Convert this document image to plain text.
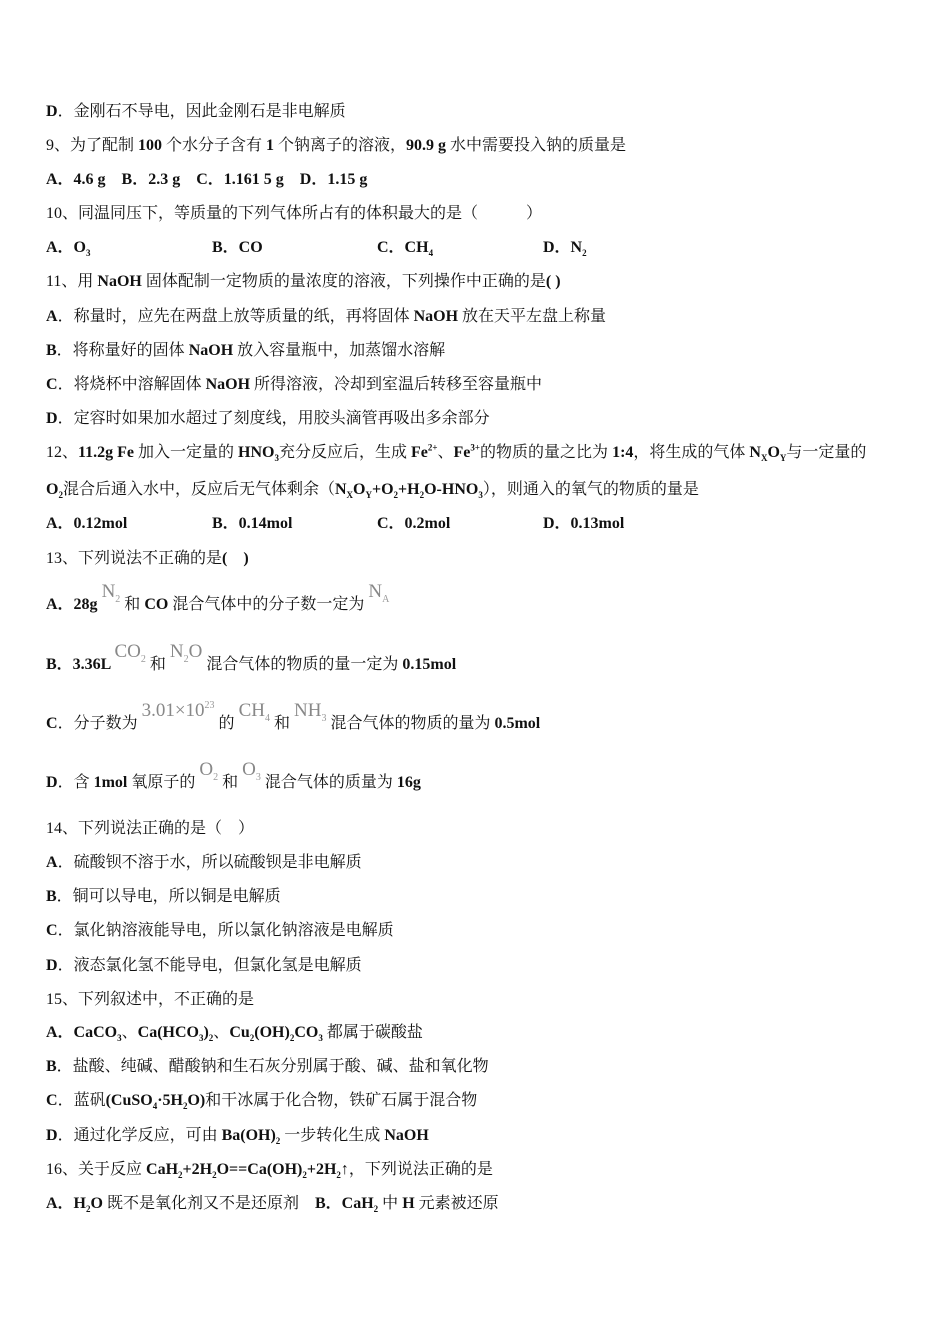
D．金刚石不导电，因此金刚石是非电解质
9、为了配制 100 个水分子含有 1 个钠离子的溶液，90.9 g 水中需要投入钠的质量是
A．4.6 g　B．2.3 g　C．1.161 5 g　D．1.15 g
10、同温同压下，等质量的下列气体所占有的体积最大的是（　　　）
A．$O_3$	B．CO	C．$CH_4$	D．$N_2$
11、用 NaOH 固体配制一定物质的量浓度的溶液，下列操作中正确的是( )
A．称量时，应先在两盘上放等质量的纸，再将固体 NaOH 放在天平左盘上称量
B．将称量好的固体 NaOH 放入容量瓶中，加蒸馏水溶解
C．将烧杯中溶解固体 NaOH 所得溶液，冷却到室温后转移至容量瓶中
D．定容时如果加水超过了刻度线，用胶头滴管再吸出多余部分
12、11.2g Fe 加入一定量的 $HNO_3$充分反应后，生成 $Fe^{2+}$、$Fe^{3+}$的物质的量之比为 1:4，将生成的气体 $N_XO_Y$与一定量的
$O_2$混合后通入水中，反应后无气体剩余$(N_XO_Y+O_2+H_2O-HNO_3)$，则通入的氧气的物质的量是
A．0.12mol	B．0.14mol	C．0.2mol	D．0.13mol
13、下列说法不正确的是(　)
A．28g $N^2$ 和 CO 混合气体中的分子数一定为 $N^A$
B．3.36L $CO^2$ 和 $N^2O$ 混合气体的物质的量一定为 0.15mol
C．分子数为 $3.01\times 10^{23}$ 的 $CH^4$ 和 $NH^3$ 混合气体的物质的量为 0.5mol
D．含 1mol 氧原子的 $O^2$ 和 $O^3$ 混合气体的质量为 16g
14、下列说法正确的是（　）
A．硫酸钡不溶于水，所以硫酸钡是非电解质
B．铜可以导电，所以铜是电解质
C．氯化钠溶液能导电，所以氯化钠溶液是电解质
D．液态氯化氢不能导电，但氯化氢是电解质
15、下列叙述中，不正确的是
A．CaCO$_3$、$Ca(HCO_3)_2$、$Cu_2(OH)_2CO_3$ 都属于碳酸盐
B．盐酸、纯碱、醋酸钠和生石灰分别属于酸、碱、盐和氧化物
C．蓝矾$(CuSO_4\cdot 5H_2O)$和干冰属于化合物，铁矿石属于混合物
D．通过化学反应，可由 $Ba(OH)_2$ 一步转化生成 NaOH
16、关于反应 $CaH_2+2H_2O==Ca(OH)_2+2H_2↑$，下列说法正确的是
A．$H_2O$ 既不是氧化剂又不是还原剂　B．CaH$_2$ 中 H 元素被还原
